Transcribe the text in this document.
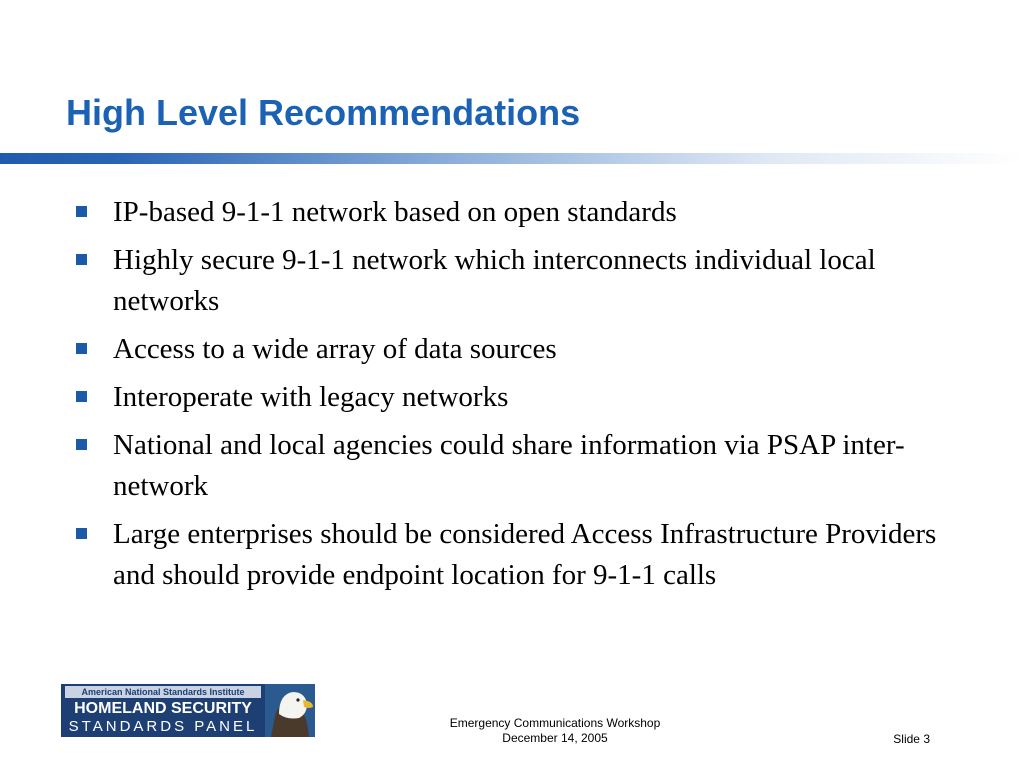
High Level Recommendations
IP-based 9-1-1 network based on open standards
Highly secure 9-1-1 network which interconnects individual local networks
Access to a wide array of data sources
Interoperate with legacy networks
National and local agencies could share information via PSAP inter-network
Large enterprises should be considered Access Infrastructure Providers and should provide endpoint location for 9-1-1 calls
American National Standards Institute
HOMELAND SECURITY
STANDARDS PANEL	Emergency Communications Workshop
December 14, 2005	Slide 3
